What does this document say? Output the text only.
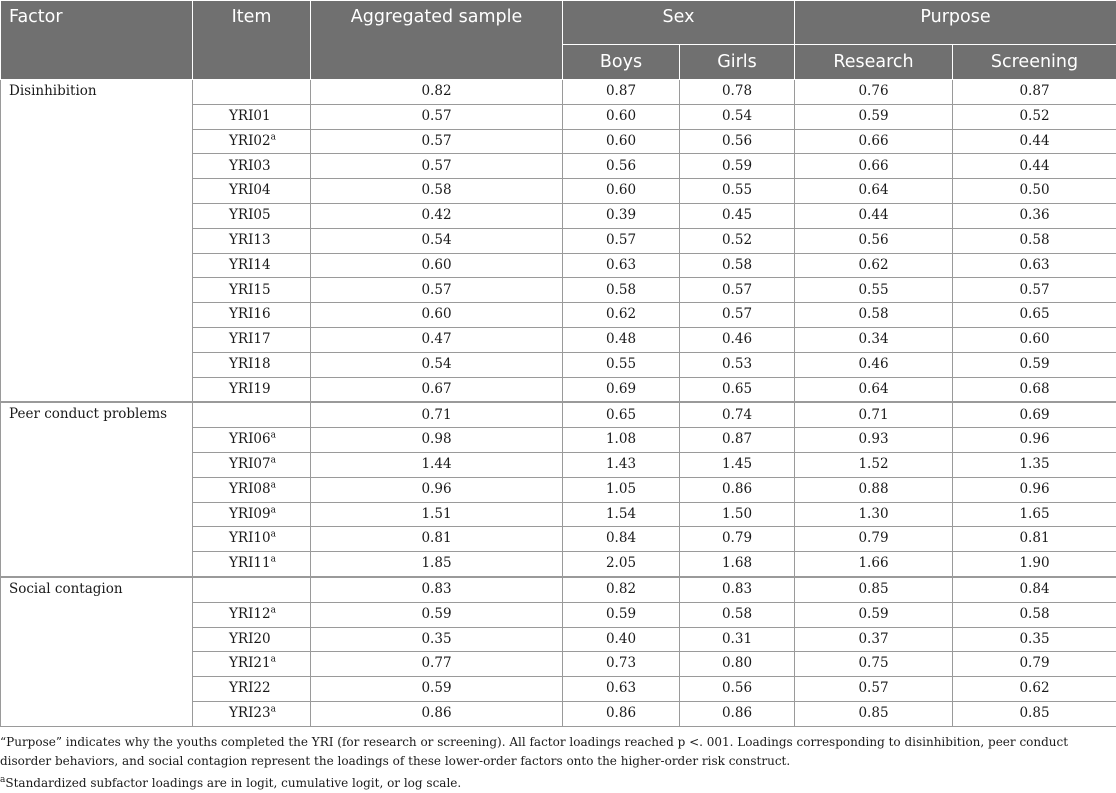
Factor	Item	Aggregated sample	Sex		Purpose	
			Boys	Girls	Research	Screening
Disinhibition		0.82	0.87	0.78	0.76	0.87
	YRI01	0.57	0.60	0.54	0.59	0.52
	YRI02$^a$	0.57	0.60	0.56	0.66	0.44
	YRI03	0.57	0.56	0.59	0.66	0.44
	YRI04	0.58	0.60	0.55	0.64	0.50
	YRI05	0.42	0.39	0.45	0.44	0.36
	YRI13	0.54	0.57	0.52	0.56	0.58
	YRI14	0.60	0.63	0.58	0.62	0.63
	YRI15	0.57	0.58	0.57	0.55	0.57
	YRI16	0.60	0.62	0.57	0.58	0.65
	YRI17	0.47	0.48	0.46	0.34	0.60
	YRI18	0.54	0.55	0.53	0.46	0.59
	YRI19	0.67	0.69	0.65	0.64	0.68
Peer conduct problems		0.71	0.65	0.74	0.71	0.69
	YRI06$^a$	0.98	1.08	0.87	0.93	0.96
	YRI07$^a$	1.44	1.43	1.45	1.52	1.35
	YRI08$^a$	0.96	1.05	0.86	0.88	0.96
	YRI09$^a$	1.51	1.54	1.50	1.30	1.65
	YRI10$^a$	0.81	0.84	0.79	0.79	0.81
	YRI11$^a$	1.85	2.05	1.68	1.66	1.90
Social contagion		0.83	0.82	0.83	0.85	0.84
	YRI12$^a$	0.59	0.59	0.58	0.59	0.58
	YRI20	0.35	0.40	0.31	0.37	0.35
	YRI21$^a$	0.77	0.73	0.80	0.75	0.79
	YRI22	0.59	0.63	0.56	0.57	0.62
	YRI23$^a$	0.86	0.86	0.86	0.85	0.85

“Purpose” indicates why the youths completed the YRI (for research or screening). All factor loadings reached p <. 001. Loadings corresponding to disinhibition, peer conduct disorder behaviors, and social contagion represent the loadings of these lower-order factors onto the higher-order risk construct.

$^a$Standardized subfactor loadings are in logit, cumulative logit, or log scale.
